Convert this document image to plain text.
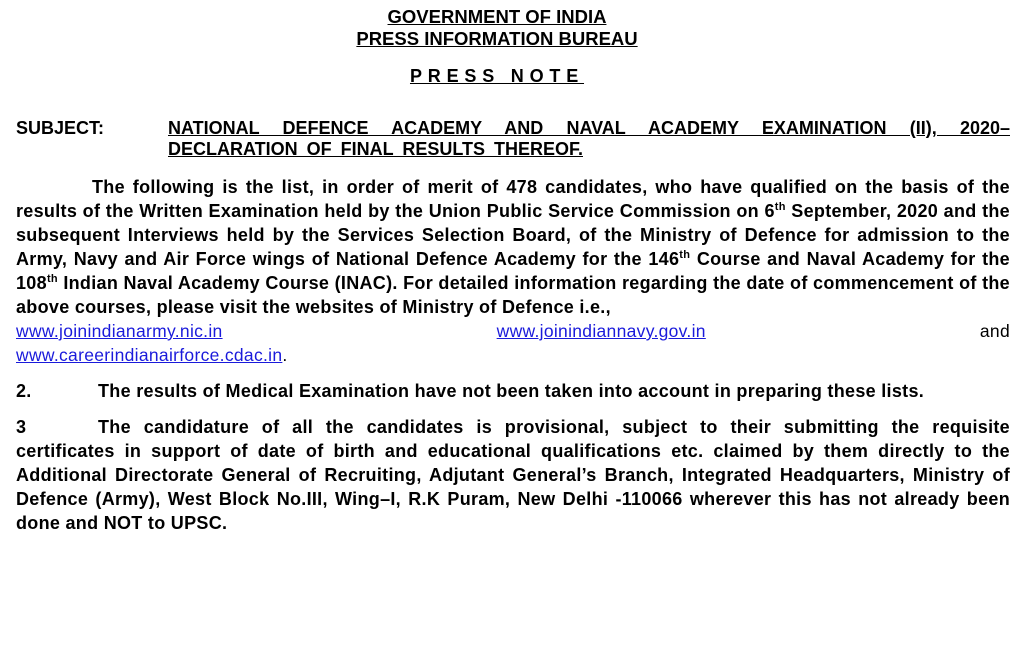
GOVERNMENT OF INDIA
PRESS INFORMATION BUREAU
PRESS NOTE
SUBJECT:	NATIONAL DEFENCE ACADEMY AND NAVAL ACADEMY EXAMINATION (II), 2020–DECLARATION OF FINAL RESULTS THEREOF.
The following is the list, in order of merit of 478 candidates, who have qualified on the basis of the results of the Written Examination held by the Union Public Service Commission on 6th September, 2020 and the subsequent Interviews held by the Services Selection Board, of the Ministry of Defence for admission to the Army, Navy and Air Force wings of National Defence Academy for the 146th Course and Naval Academy for the 108th Indian Naval Academy Course (INAC). For detailed information regarding the date of commencement of the above courses, please visit the websites of Ministry of Defence i.e.,
www.joinindianarmy.nic.in	www.joinindiannavy.gov.in	and
www.careerindianairforce.cdac.in .
2.	The results of Medical Examination have not been taken into account in preparing these lists.
3	The candidature of all the candidates is provisional, subject to their submitting the requisite certificates in support of date of birth and educational qualifications etc. claimed by them directly to the Additional Directorate General of Recruiting, Adjutant General’s Branch, Integrated Headquarters, Ministry of Defence (Army), West Block No.III, Wing–I, R.K Puram, New Delhi -110066 wherever this has not already been done and NOT to UPSC.
